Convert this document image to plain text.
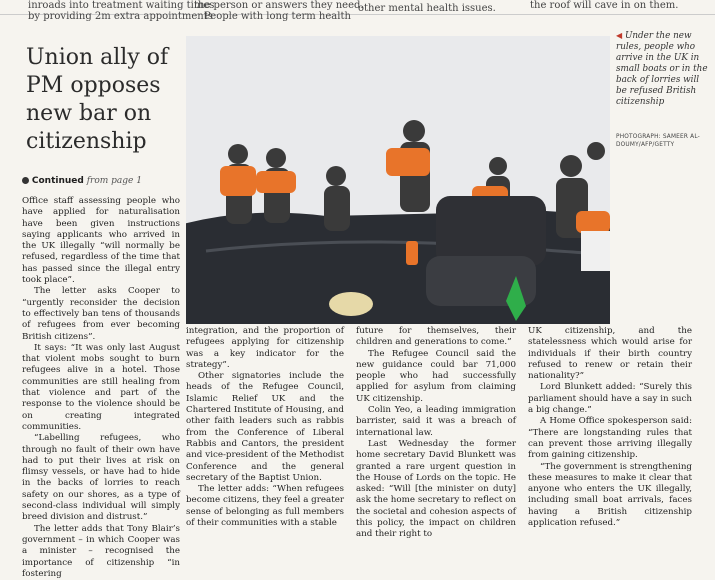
inroads into treatment waiting times
by providing 2m extra appointments
the person or answers they need.
People with long term health
other mental health issues.	the roof will cave in on them.
Union ally of
PM opposes
new bar on
citizenship
Continued from page 1

Office staff assessing people who have applied for naturalisation have been given instructions saying applicants who arrived in the UK illegally “will normally be refused, regardless of the time that has passed since the illegal entry took place”.

The letter asks Cooper to “urgently reconsider the decision to effectively ban tens of thousands of refugees from ever becoming British citizens”.

It says: “It was only last August that violent mobs sought to burn refugees alive in a hotel. Those communities are still healing from that violence and part of the response to the violence should be on creating integrated communities.

“Labelling refugees, who through no fault of their own have had to put their lives at risk on flimsy vessels, or have had to hide in the backs of lorries to reach safety on our shores, as a type of second-class individual will simply breed division and distrust.”

The letter adds that Tony Blair’s government – in which Cooper was a minister – recognised the importance of citizenship “in fostering

◀ Under the new rules, people who arrive in the UK in small boats or in the back of lorries will be refused British citizenship
PHOTOGRAPH: SAMEER AL-DOUMY/AFP/GETTY

integration, and the proportion of refugees applying for citizenship was a key indicator for the strategy”.

Other signatories include the heads of the Refugee Council, Islamic Relief UK and the Chartered Institute of Housing, and other faith leaders such as rabbis from the Conference of Liberal Rabbis and Cantors, the president and vice-president of the Methodist Conference and the general secretary of the Baptist Union.

The letter adds: “When refugees become citizens, they feel a greater sense of belonging as full members of their communities with a stable

future for themselves, their children and generations to come.”

The Refugee Council said the new guidance could bar 71,000 people who had successfully applied for asylum from claiming UK citizenship.

Colin Yeo, a leading immigration barrister, said it was a breach of international law.

Last Wednesday the former home secretary David Blunkett was granted a rare urgent question in the House of Lords on the topic. He asked: “Will [the minister on duty] ask the home secretary to reflect on the societal and cohesion aspects of this policy, the impact on children and their right to

UK citizenship, and the statelessness which would arise for individuals if their birth country refused to renew or retain their nationality?”

Lord Blunkett added: “Surely this parliament should have a say in such a big change.”

A Home Office spokesperson said: “There are longstanding rules that can prevent those arriving illegally from gaining citizenship.

“The government is strengthening these measures to make it clear that anyone who enters the UK illegally, including small boat arrivals, faces having a British citizenship application refused.”
